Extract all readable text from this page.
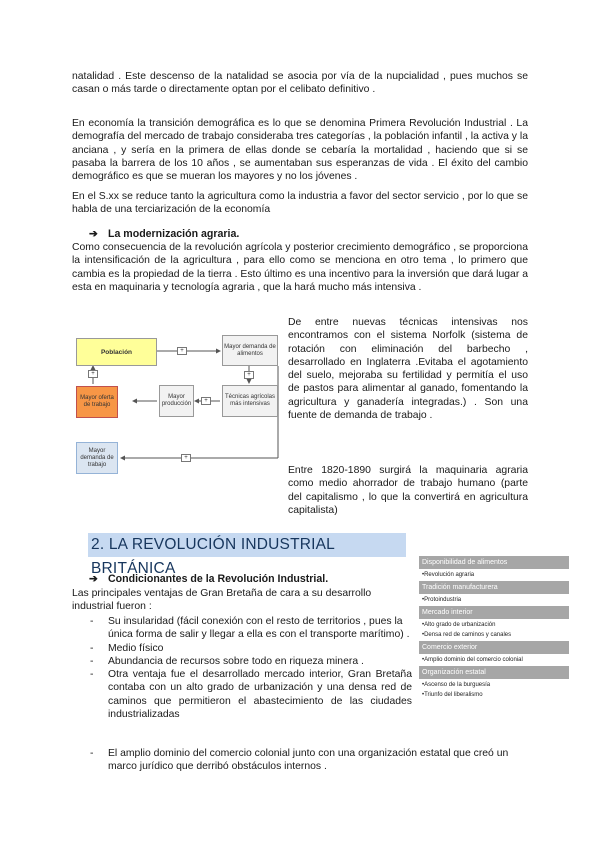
natalidad . Este descenso de la natalidad se asocia por vía de la nupcialidad , pues muchos se casan o más tarde o directamente optan por el celibato definitivo .

En economía la transición demográfica es lo que se denomina Primera Revolución Industrial . La demografía del mercado de trabajo consideraba tres categorías , la población infantil , la activa y la anciana , y sería en la primera de ellas donde se cebaría la mortalidad , haciendo que si se pasaba la barrera de los 10 años , se aumentaban sus esperanzas de vida . El éxito del cambio demográfico es que se mueran los mayores y no los jóvenes .

En el S.xx se reduce tanto la agricultura como la industria a favor del sector servicio , por lo que se habla de una terciarización de la economía

➔ La modernización agraria.

Como consecuencia de la revolución agrícola y posterior crecimiento demográfico , se proporciona la intensificación de la agricultura , para ello como se menciona en otro tema , lo primero que cambia es la propiedad de la tierra . Esto último es una incentivo para la inversión que dará lugar a esta en maquinaria y tecnología agraria , que la hará mucho más intensiva .

Población
Mayor demanda de alimentos
Técnicas agrícolas más intensivas
Mayor producción
Mayor oferta de trabajo
Mayor demanda de trabajo
+
+
+
+
+
De entre nuevas técnicas intensivas nos encontramos con el sistema Norfolk (sistema de rotación con eliminación del barbecho , desarrollado en Inglaterra .Evitaba el agotamiento del suelo, mejoraba su fertilidad y permitía el uso de pastos para alimentar al ganado, fomentando la agricultura y ganadería integradas.) . Son una fuente de demanda de trabajo .
Entre 1820-1890 surgirá la maquinaria agraria como medio ahorrador de trabajo humano (parte del capitalismo , lo que la convertirá en agricultura capitalista)
2. LA REVOLUCIÓN INDUSTRIAL BRITÁNICA
➔ Condicionantes de la Revolución Industrial.

Las principales ventajas de Gran Bretaña de cara a su desarrollo industrial fueron :

- Su insularidad (fácil conexión con el resto de territorios , pues la única forma de salir y llegar a ella es con el transporte marítimo) .
- Medio físico
- Abundancia de recursos sobre todo en riqueza minera .
- Otra ventaja fue el desarrollado mercado interior, Gran Bretaña contaba con un alto grado de urbanización y una densa red de caminos que permitieron el abastecimiento de las ciudades industrializadas
- El amplio dominio del comercio colonial junto con una organización estatal que creó un marco jurídico que derribó obstáculos internos .
Disponibilidad de alimentos
•Revolución agraria
Tradición manufacturera
•Protoindustria
Mercado interior
•Alto grado de urbanización
•Densa red de caminos y canales
Comercio exterior
•Amplio dominio del comercio colonial
Organización estatal
•Ascenso de la burguesía
•Triunfo del liberalismo
